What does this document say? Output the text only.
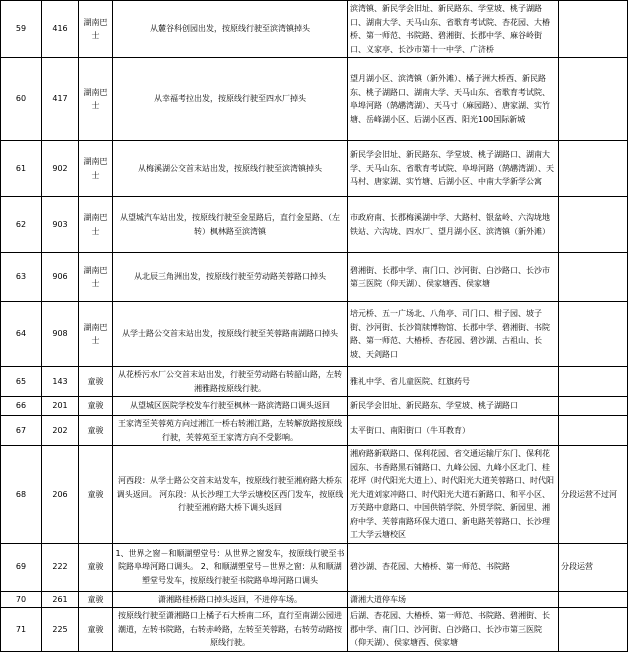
59	416	湖南巴士	从麓谷科创园出发，按原线行驶至滨湾镇掉头	滨湾镇、新民学会旧址、新民路东、学堂坡、桃子湖路口、湖南大学、天马山东、省歌育考试院、杏花园、大椿桥、第一师范、书院路、碧湘街、长郡中学、麻谷岭街口、义家亭、长沙市第十一中学、广济桥	
60	417	湖南巴士	从幸福考拉出发，按原线行驶至四水厂掉头	望月湖小区、滨湾镇（新外滩）、橘子洲大桥西、新民路东、桃子湖路口、湖南大学、天马山东、省歌育考试院、阜埠河路（鹄鹕湾湖）、天马寸（麻园路）、唐家湖、实竹塘、岳峰湖小区、后湖小区西、阳光100国际新城	
61	902	湖南巴士	从梅溪湖公交首末站出发，按原线行驶至滨湾镇掉头	新民学会旧址、新民路东、学堂坡、桃子湖路口、湖南大学、天马山东、省歌育考试院、阜埠河路（鹄鹕湾湖）、天马村、唐家湖、实竹塘、后湖小区、中南大学新学公寓	
62	903	湖南巴士	从望城汽车站出发，按原线行驶至金星路后，直行金星路、（左转）枫林路至滨湾镇	市政府南、长郡梅溪湖中学、大路村、银盆岭、六沟垅地铁站、六沟垅、四水厂、望月湖小区、滨湾镇（新外滩）	
63	906	湖南巴士	从北辰三角洲出发，按原线行驶至劳动路芙蓉路口掉头	碧湘街、长郡中学、南门口、沙河街、白沙路口、长沙市第三医院（仰天湖）、侯家塘西、侯家塘	
64	908	湖南巴士	从学士路公交首末站出发，按原线行驶至芙蓉路南湖路口掉头	培元桥、五一广场北、八角亭、司门口、柑子园、坡子街、沙河街、长沙简牍博物馆、长郡中学、碧湘街、书院路、第一师范、大椿桥、杏花园、碧沙湖、古祖山、长坡、天剑路口	
65	143	童骏	从花桥污水厂公交首末站出发，行驶至劳动路右转韶山路，左转湘雅路按原线行驶。	雅礼中学、省儿童医院、红旗药号	
66	201	童骏	从望城区医院学校发车行驶至枫林一路滨湾路口调头返回	新民学会旧址、新民路东、学堂坡、桃子湖路口	
67	202	童骏	王家湾至芙蓉苑方向过湘江一桥右转湘江路，左转解放路按原线行驶，芙蓉苑至王家湾方向不受影响。	太平街口、南阳街口（牛耳教育）	
68	206	童骏	河西段：从学士路公交首末站发车，按原线行驶至湘府路大桥东调头返回。 河东段：从长沙理工大学云塘校区西门发车，按原线行驶至湘府路大桥下调头返回	湘府路新联路口、保利花园、省交通运输厅东门、保利花园东、书香路黑石铺路口、九峰公园、九峰小区北门、桂花坪（时代阳光大道上）、时代阳光大道芙蓉路口、时代阳光大道刘家冲路口、时代阳光大道石新路口、和平小区、万芙路中意路口、中国供销学院、外贸学院、新园里、湘府中学、芙蓉南路环保大道口、新电路芙蓉路口、长沙理工大学云塘校区	分段运营不过河
69	222	童骏	1、世界之窗－和顺湖塑堂号：从世界之窗发车，按原线行驶至书院路阜埠河路口调头。 2、和顺湖塑堂号－世界之窗：从和顺湖塑堂号发车，按原线行驶至书院路阜埠河路口调头	碧沙湖、杏花园、大椿桥、第一师范、书院路	分段运营
70	261	童骏	潇湘路桂桥路口掉头返回，不进停车场。	潇湘大道停车场	
71	225	童骏	按原线行驶至潇湘路口上橘子石大桥南二环，直行至南湖公园进潮道，左转书院路，右转赤岭路，左转至芙蓉路，右转劳动路按原线行驶。	后湖、杏花园、大椿桥、第一师范、书院路、碧湘街、长郡中学、南门口、沙河街、白沙路口、长沙市第三医院（仰天湖）、侯家塘西、侯家塘	
